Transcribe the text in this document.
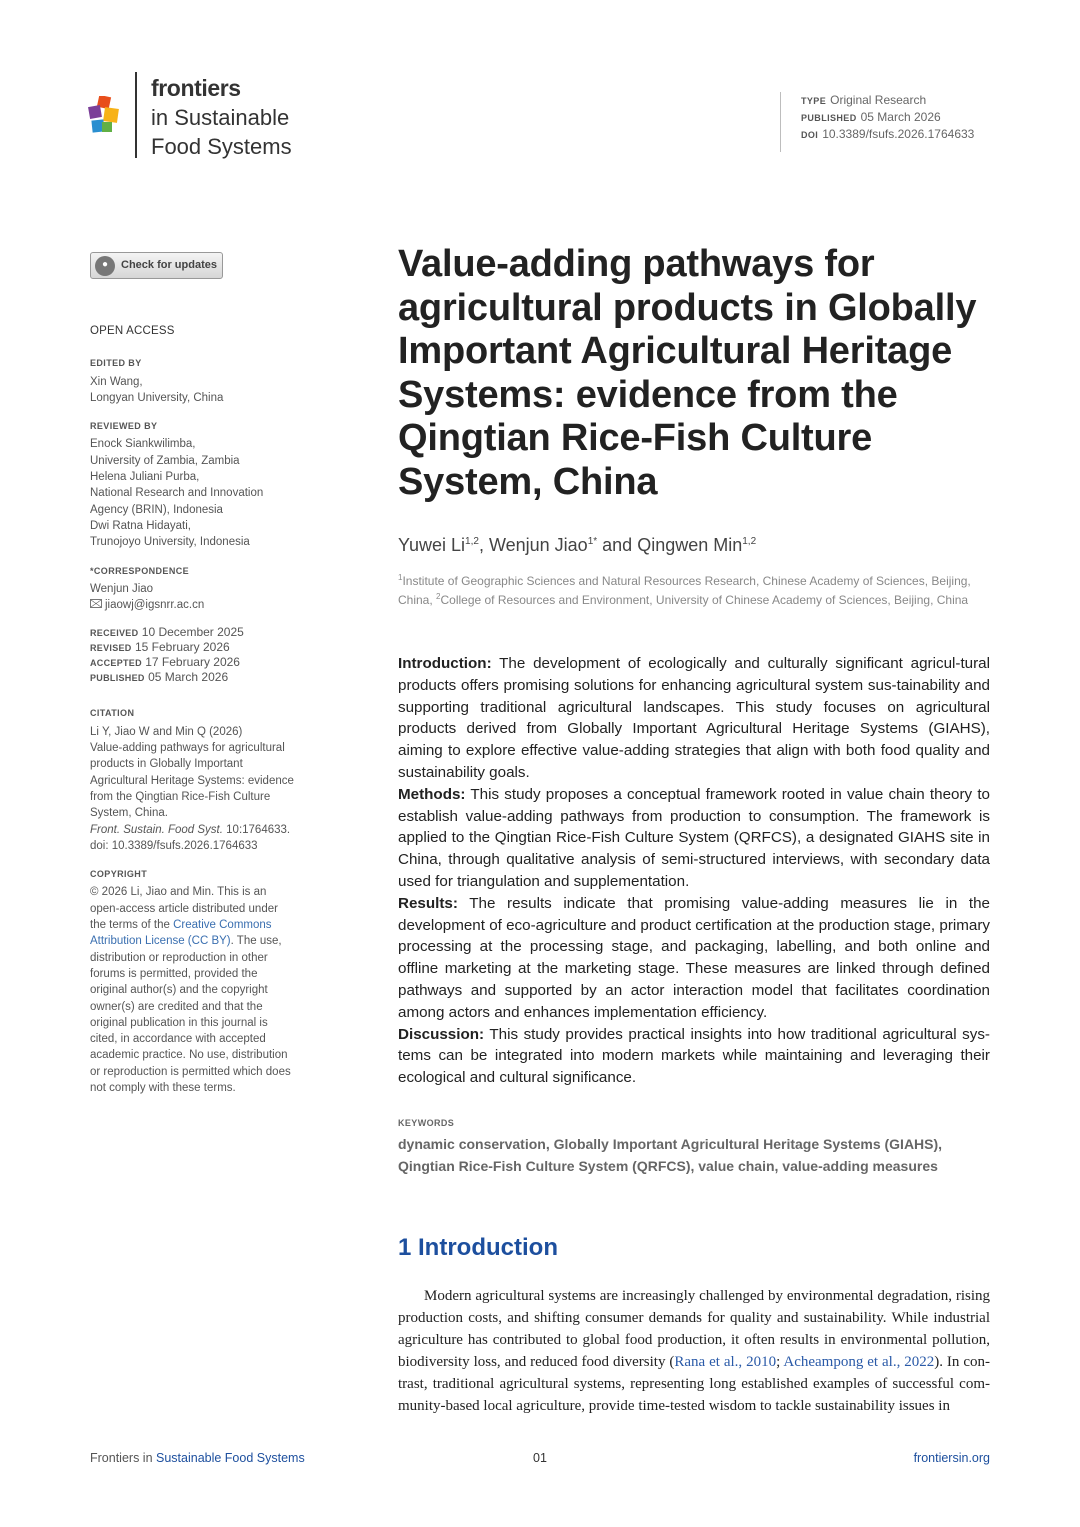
frontiers
in Sustainable
Food Systems
TYPE Original Research
PUBLISHED 05 March 2026
DOI 10.3389/fsufs.2026.1764633
●	Check for updates
OPEN ACCESS
EDITED BY
Xin Wang,
Longyan University, China
REVIEWED BY
Enock Siankwilimba,
University of Zambia, Zambia
Helena Juliani Purba,
National Research and Innovation
Agency (BRIN), Indonesia
Dwi Ratna Hidayati,
Trunojoyo University, Indonesia
*CORRESPONDENCE
Wenjun Jiao
jiaowj@igsnrr.ac.cn
RECEIVED 10 December 2025
REVISED 15 February 2026
ACCEPTED 17 February 2026
PUBLISHED 05 March 2026
CITATION
Li Y, Jiao W and Min Q (2026)
Value-adding pathways for agricultural
products in Globally Important
Agricultural Heritage Systems: evidence
from the Qingtian Rice-Fish Culture
System, China.
Front. Sustain. Food Syst. 10:1764633.
doi: 10.3389/fsufs.2026.1764633
COPYRIGHT
© 2026 Li, Jiao and Min. This is an
open-access article distributed under
the terms of the Creative Commons
Attribution License (CC BY). The use,
distribution or reproduction in other
forums is permitted, provided the
original author(s) and the copyright
owner(s) are credited and that the
original publication in this journal is
cited, in accordance with accepted
academic practice. No use, distribution
or reproduction is permitted which does
not comply with these terms.
Value-adding pathways for agricultural products in Globally Important Agricultural Heritage Systems: evidence from the Qingtian Rice-Fish Culture System, China
Yuwei Li$^{1,2}$, Wenjun Jiao$^{1*}$ and Qingwen Min$^{1,2}$
$^1$Institute of Geographic Sciences and Natural Resources Research, Chinese Academy of Sciences, Beijing, China, $^2$College of Resources and Environment, University of Chinese Academy of Sciences, Beijing, China
Introduction: The development of ecologically and culturally significant agricul-tural products offers promising solutions for enhancing agricultural system sus-tainability and supporting traditional agricultural landscapes. This study focuses on agricultural products derived from Globally Important Agricultural Heritage Systems (GIAHS), aiming to explore effective value-adding strategies that align with both food quality and sustainability goals.
Methods: This study proposes a conceptual framework rooted in value chain theory to establish value-adding pathways from production to consumption. The framework is applied to the Qingtian Rice-Fish Culture System (QRFCS), a designated GIAHS site in China, through qualitative analysis of semi-structured interviews, with secondary data used for triangulation and supplementation.
Results: The results indicate that promising value-adding measures lie in the development of eco-agriculture and product certification at the production stage, primary processing at the processing stage, and packaging, labelling, and both online and offline marketing at the marketing stage. These measures are linked through defined pathways and supported by an actor interaction model that facilitates coordination among actors and enhances implementation efficiency.
Discussion: This study provides practical insights into how traditional agricultural sys-tems can be integrated into modern markets while maintaining and leveraging their ecological and cultural significance.
KEYWORDS
dynamic conservation, Globally Important Agricultural Heritage Systems (GIAHS), Qingtian Rice-Fish Culture System (QRFCS), value chain, value-adding measures
1 Introduction

Modern agricultural systems are increasingly challenged by environmental degradation, rising production costs, and shifting consumer demands for quality and sustainability. While industrial agriculture has contributed to global food production, it often results in environmental pollution, biodiversity loss, and reduced food diversity (Rana et al., 2010; Acheampong et al., 2022). In con-trast, traditional agricultural systems, representing long established examples of successful com-munity-based local agriculture, provide time-tested wisdom to tackle sustainability issues in

Frontiers in Sustainable Food Systems	01	frontiersin.org
